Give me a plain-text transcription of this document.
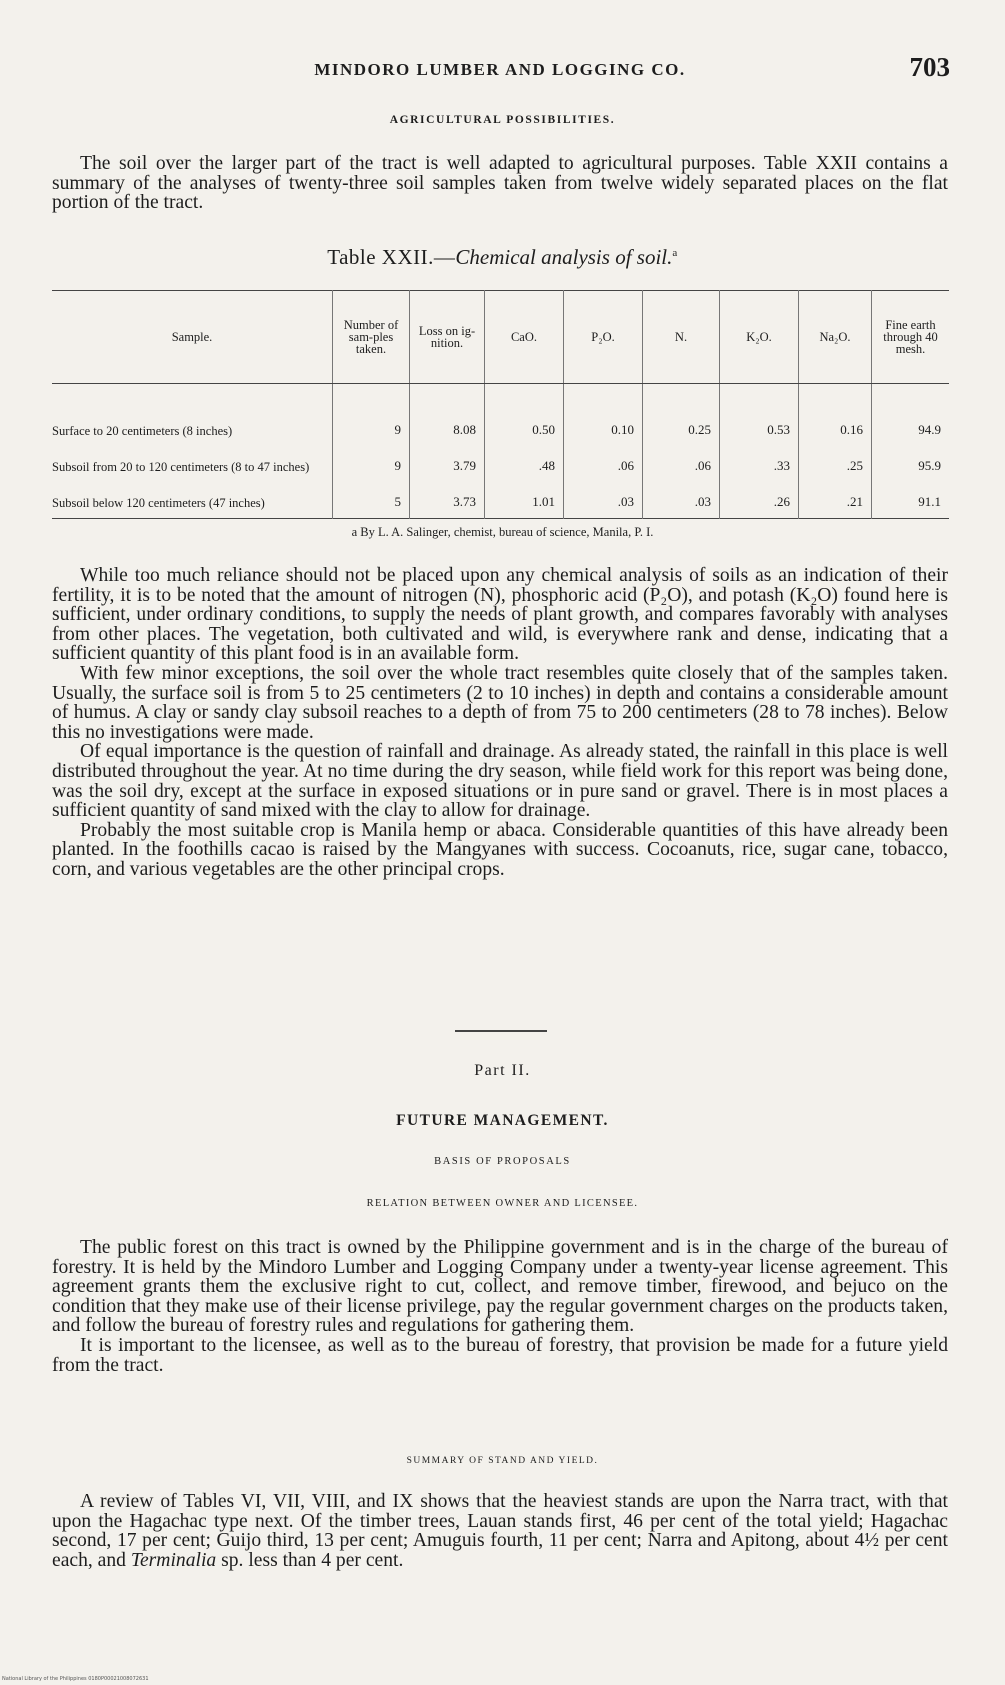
MINDORO LUMBER AND LOGGING CO.	703
AGRICULTURAL POSSIBILITIES.

The soil over the larger part of the tract is well adapted to agricultural purposes. Table XXII contains a summary of the analyses of twenty-three soil samples taken from twelve widely separated places on the flat portion of the tract.

Table XXII.—Chemical analysis of soil.$^a$
Sample.	Number of sam-ples taken.	Loss on ig-nition.	CaO.	P₂O.	N.	K₂O.	Na₂O.	Fine earth through 40 mesh.
Surface to 20 centimeters (8 inches)	9	8.08	0.50	0.10	0.25	0.53	0.16	94.9
Subsoil from 20 to 120 centimeters (8 to 47 inches)	9	3.79	.48	.06	.06	.33	.25	95.9
Subsoil below 120 centimeters (47 inches)	5	3.73	1.01	.03	.03	.26	.21	91.1
a By L. A. Salinger, chemist, bureau of science, Manila, P. I.

While too much reliance should not be placed upon any chemical analysis of soils as an indication of their fertility, it is to be noted that the amount of nitrogen (N), phosphoric acid (P₂O), and potash (K₂O) found here is sufficient, under ordinary conditions, to supply the needs of plant growth, and compares favorably with analyses from other places. The vegetation, both cultivated and wild, is everywhere rank and dense, indicating that a sufficient quantity of this plant food is in an available form.

With few minor exceptions, the soil over the whole tract resembles quite closely that of the samples taken. Usually, the surface soil is from 5 to 25 centimeters (2 to 10 inches) in depth and contains a considerable amount of humus. A clay or sandy clay subsoil reaches to a depth of from 75 to 200 centimeters (28 to 78 inches). Below this no investigations were made.

Of equal importance is the question of rainfall and drainage. As already stated, the rainfall in this place is well distributed throughout the year. At no time during the dry season, while field work for this report was being done, was the soil dry, except at the surface in exposed situations or in pure sand or gravel. There is in most places a sufficient quantity of sand mixed with the clay to allow for drainage.

Probably the most suitable crop is Manila hemp or abaca. Considerable quantities of this have already been planted. In the foothills cacao is raised by the Mangyanes with success. Cocoanuts, rice, sugar cane, tobacco, corn, and various vegetables are the other principal crops.

Part II.
FUTURE MANAGEMENT.
BASIS OF PROPOSALS
RELATION BETWEEN OWNER AND LICENSEE.

The public forest on this tract is owned by the Philippine government and is in the charge of the bureau of forestry. It is held by the Mindoro Lumber and Logging Company under a twenty-year license agreement. This agreement grants them the exclusive right to cut, collect, and remove timber, firewood, and bejuco on the condition that they make use of their license privilege, pay the regular government charges on the products taken, and follow the bureau of forestry rules and regulations for gathering them.

It is important to the licensee, as well as to the bureau of forestry, that provision be made for a future yield from the tract.

SUMMARY OF STAND AND YIELD.

A review of Tables VI, VII, VIII, and IX shows that the heaviest stands are upon the Narra tract, with that upon the Hagachac type next. Of the timber trees, Lauan stands first, 46 per cent of the total yield; Hagachac second, 17 per cent; Guijo third, 13 per cent; Amuguis fourth, 11 per cent; Narra and Apitong, about 4½ per cent each, and Terminalia sp. less than 4 per cent.

National Library of the Philippines 0180P00021008072631
